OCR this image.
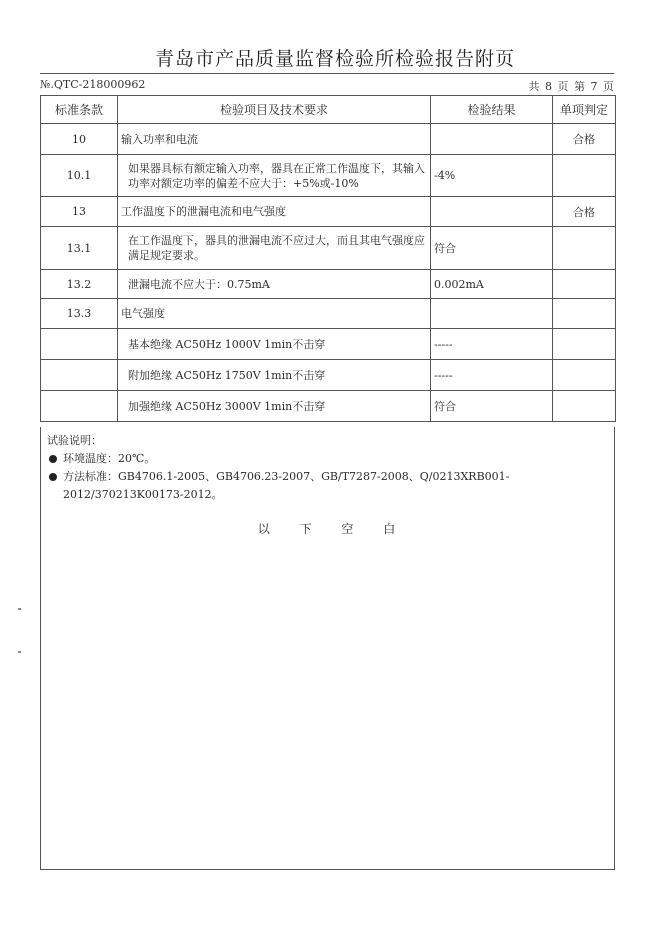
青岛市产品质量监督检验所检验报告附页
№.QTC-218000962	共 8 页 第 7 页
标准条款	检验项目及技术要求	检验结果	单项判定
10	输入功率和电流		合格
10.1	如果器具标有额定输入功率，器具在正常工作温度下，其输入功率对额定功率的偏差不应大于：+5%或-10%	-4%	
13	工作温度下的泄漏电流和电气强度		合格
13.1	在工作温度下，器具的泄漏电流不应过大，而且其电气强度应满足规定要求。	符合	
13.2	泄漏电流不应大于：0.75mA	0.002mA	
13.3	电气强度		
	基本绝缘 AC50Hz 1000V 1min不击穿	-----	
	附加绝缘 AC50Hz 1750V 1min不击穿	-----	
	加强绝缘 AC50Hz 3000V 1min不击穿	符合	
试验说明：
环境温度：20℃。
方法标准：GB4706.1-2005、GB4706.23-2007、GB/T7287-2008、Q/0213XRB001-2012/370213K00173-2012。
以 下 空 白
